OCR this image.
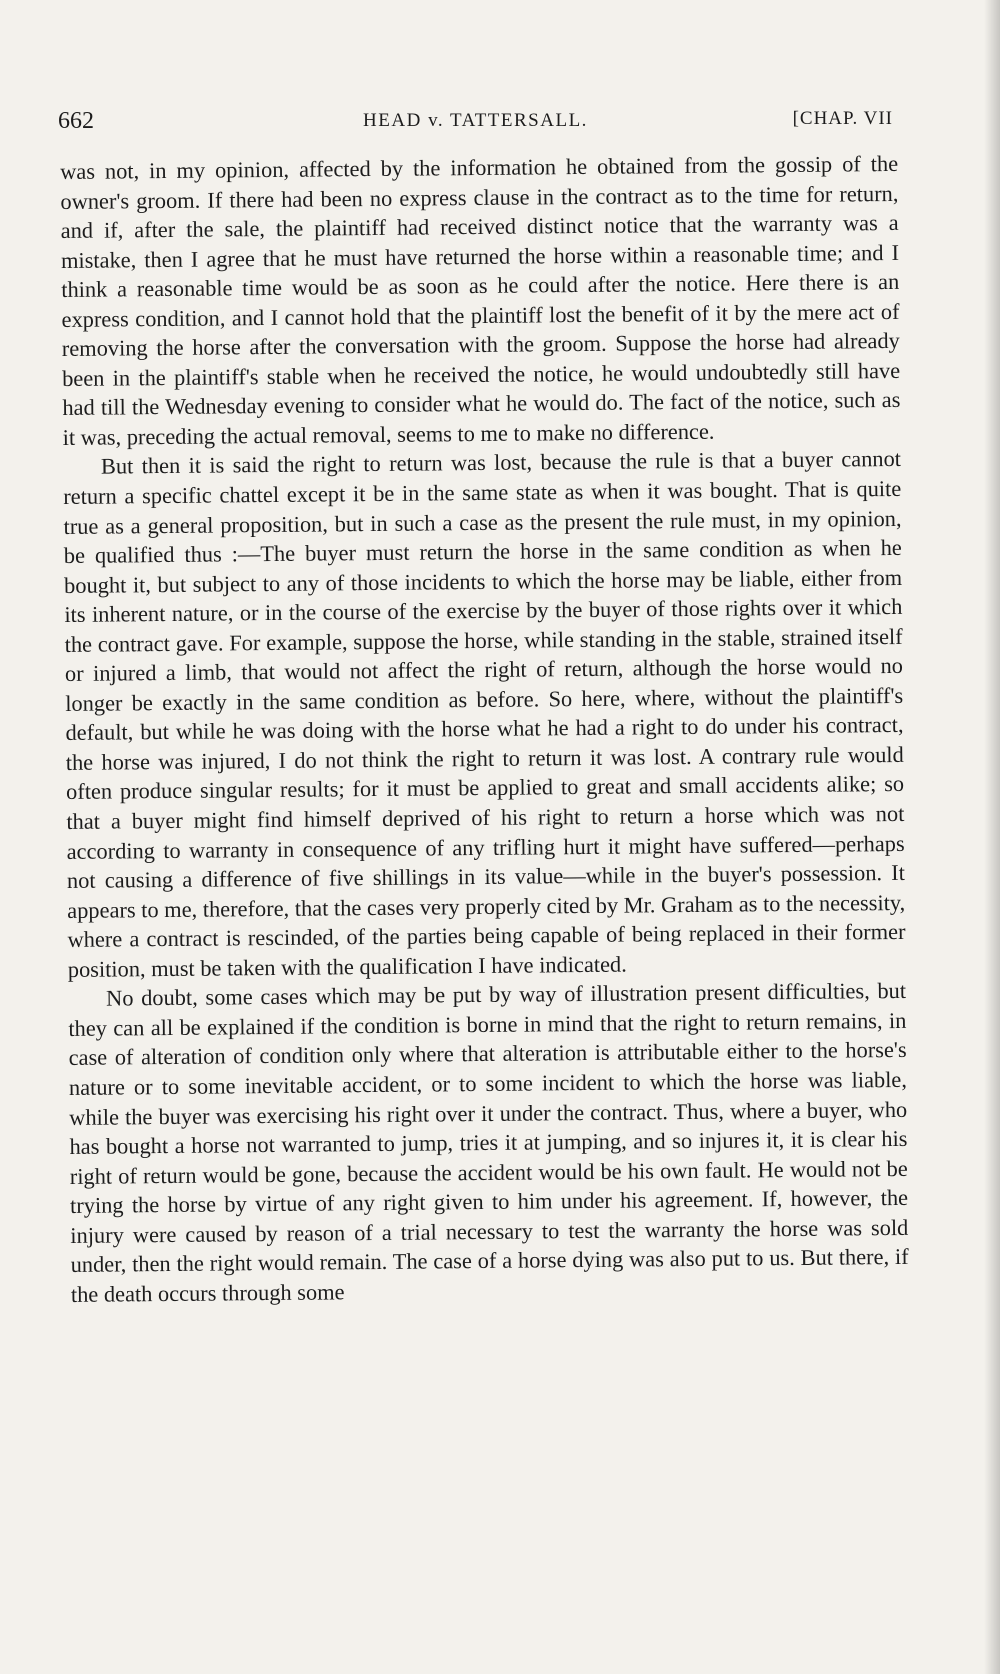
662	HEAD v. TATTERSALL.	[CHAP. VII

was not, in my opinion, affected by the information he obtained from the gossip of the owner's groom. If there had been no express clause in the contract as to the time for return, and if, after the sale, the plaintiff had received distinct notice that the warranty was a mistake, then I agree that he must have returned the horse within a reasonable time; and I think a reasonable time would be as soon as he could after the notice. Here there is an express condition, and I cannot hold that the plaintiff lost the benefit of it by the mere act of removing the horse after the conversation with the groom. Suppose the horse had already been in the plaintiff's stable when he received the notice, he would undoubtedly still have had till the Wednesday evening to consider what he would do. The fact of the notice, such as it was, preceding the actual removal, seems to me to make no difference.

But then it is said the right to return was lost, because the rule is that a buyer cannot return a specific chattel except it be in the same state as when it was bought. That is quite true as a general proposition, but in such a case as the present the rule must, in my opinion, be qualified thus :—The buyer must return the horse in the same condition as when he bought it, but subject to any of those incidents to which the horse may be liable, either from its inherent nature, or in the course of the exercise by the buyer of those rights over it which the contract gave. For example, suppose the horse, while standing in the stable, strained itself or injured a limb, that would not affect the right of return, although the horse would no longer be exactly in the same condition as before. So here, where, without the plaintiff's default, but while he was doing with the horse what he had a right to do under his contract, the horse was injured, I do not think the right to return it was lost. A contrary rule would often produce singular results; for it must be applied to great and small accidents alike; so that a buyer might find himself deprived of his right to return a horse which was not according to warranty in consequence of any trifling hurt it might have suffered—perhaps not causing a difference of five shillings in its value—while in the buyer's possession. It appears to me, therefore, that the cases very properly cited by Mr. Graham as to the necessity, where a contract is rescinded, of the parties being capable of being replaced in their former position, must be taken with the qualification I have indicated.

No doubt, some cases which may be put by way of illustration present difficulties, but they can all be explained if the condition is borne in mind that the right to return remains, in case of alteration of condition only where that alteration is attributable either to the horse's nature or to some inevitable accident, or to some incident to which the horse was liable, while the buyer was exercising his right over it under the contract. Thus, where a buyer, who has bought a horse not warranted to jump, tries it at jumping, and so injures it, it is clear his right of return would be gone, because the accident would be his own fault. He would not be trying the horse by virtue of any right given to him under his agreement. If, however, the injury were caused by reason of a trial necessary to test the warranty the horse was sold under, then the right would remain. The case of a horse dying was also put to us. But there, if the death occurs through some
